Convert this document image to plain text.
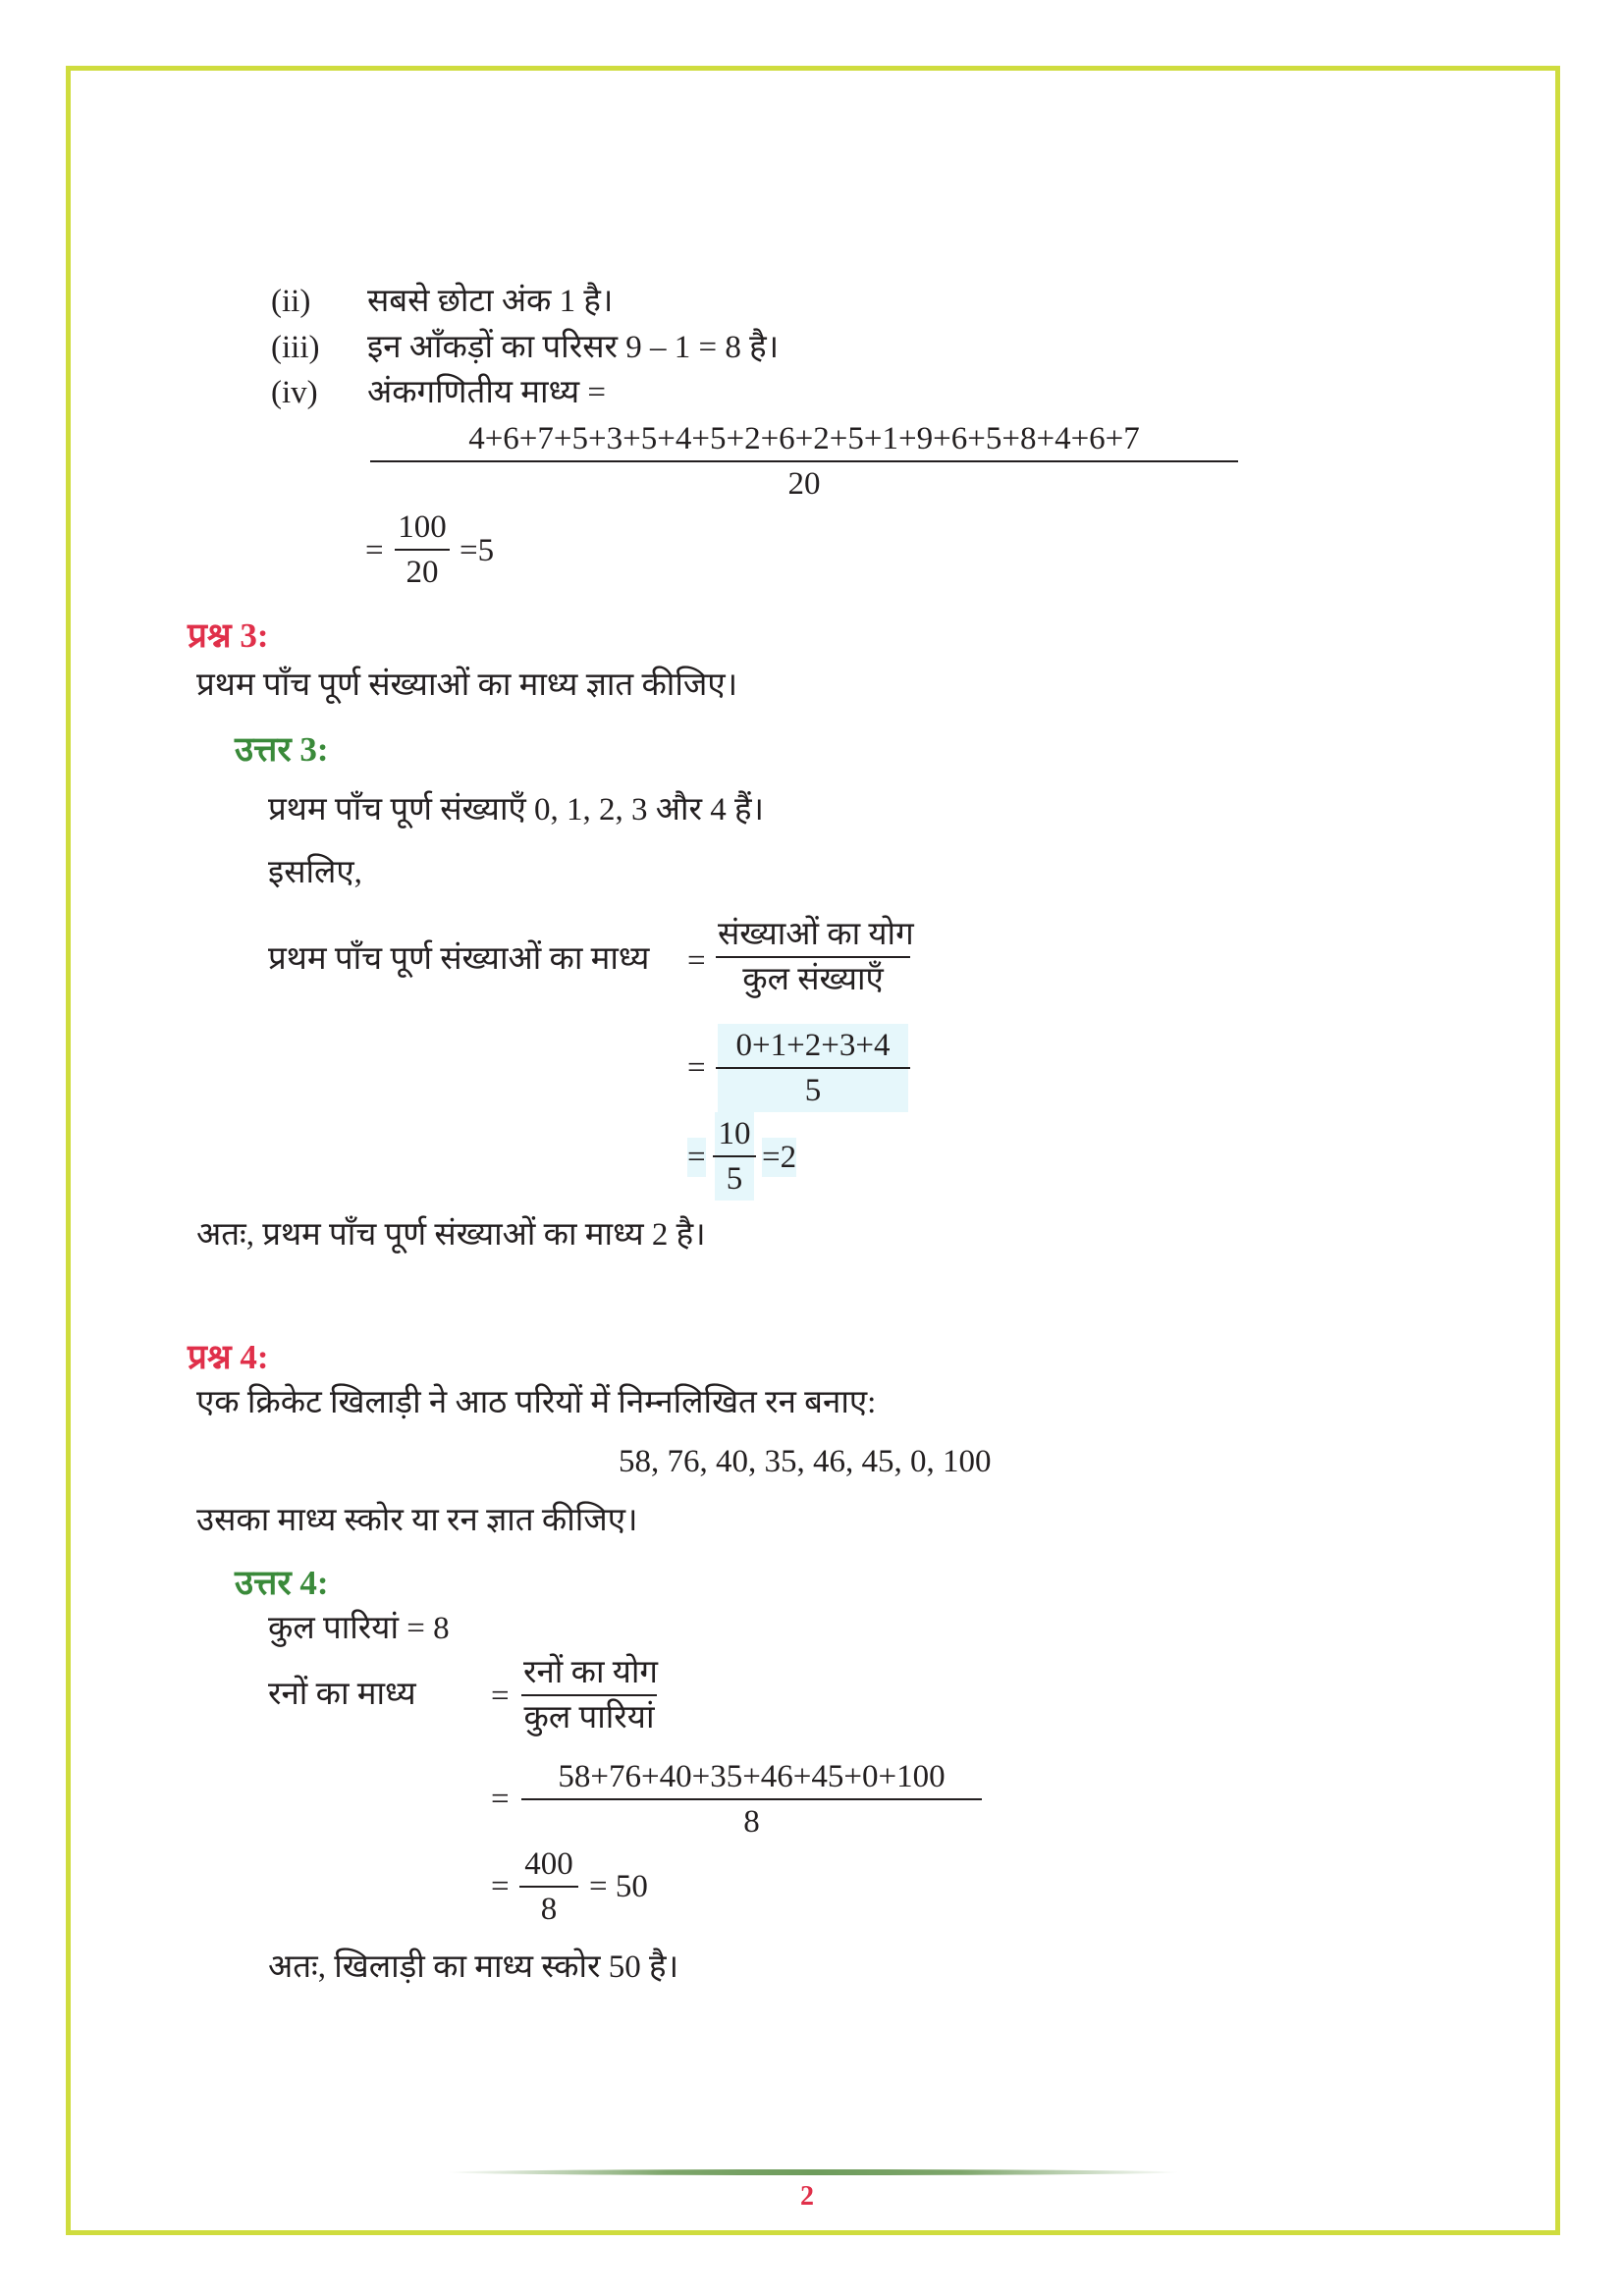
(ii) सबसे छोटा अंक 1 है।
(iii) इन आँकड़ों का परिसर 9 – 1 = 8 है।
(iv) अंकगणितीय माध्य =
$\frac{4+6+7+5+3+5+4+5+2+6+2+5+1+9+6+5+8+4+6+7}{20}$
= $\frac{100}{20} =5$
प्रश्न 3:
प्रथम पाँच पूर्ण संख्याओं का माध्य ज्ञात कीजिए।
उत्तर 3:
प्रथम पाँच पूर्ण संख्याएँ 0, 1, 2, 3 और 4 हैं।
इसलिए,
प्रथम पाँच पूर्ण संख्याओं का माध्य =
संख्याओं का योग
कुल संख्याएँ
= $\frac{0+1+2+3+4}{5}$
= $\frac{10}{5} =2$
अतः, प्रथम पाँच पूर्ण संख्याओं का माध्य 2 है।
प्रश्न 4:
एक क्रिकेट खिलाड़ी ने आठ परियों में निम्नलिखित रन बनाए:
58, 76, 40, 35, 46, 45, 0, 100
उसका माध्य स्कोर या रन ज्ञात कीजिए।
उत्तर 4:
कुल पारियां = 8
रनों का माध्य =
रनों का योग
कुल पारियां
= $\frac{58+76+40+35+46+45+0+100}{8}$
= $\frac{400}{8} = 50$
अतः, खिलाड़ी का माध्य स्कोर 50 है।
2
